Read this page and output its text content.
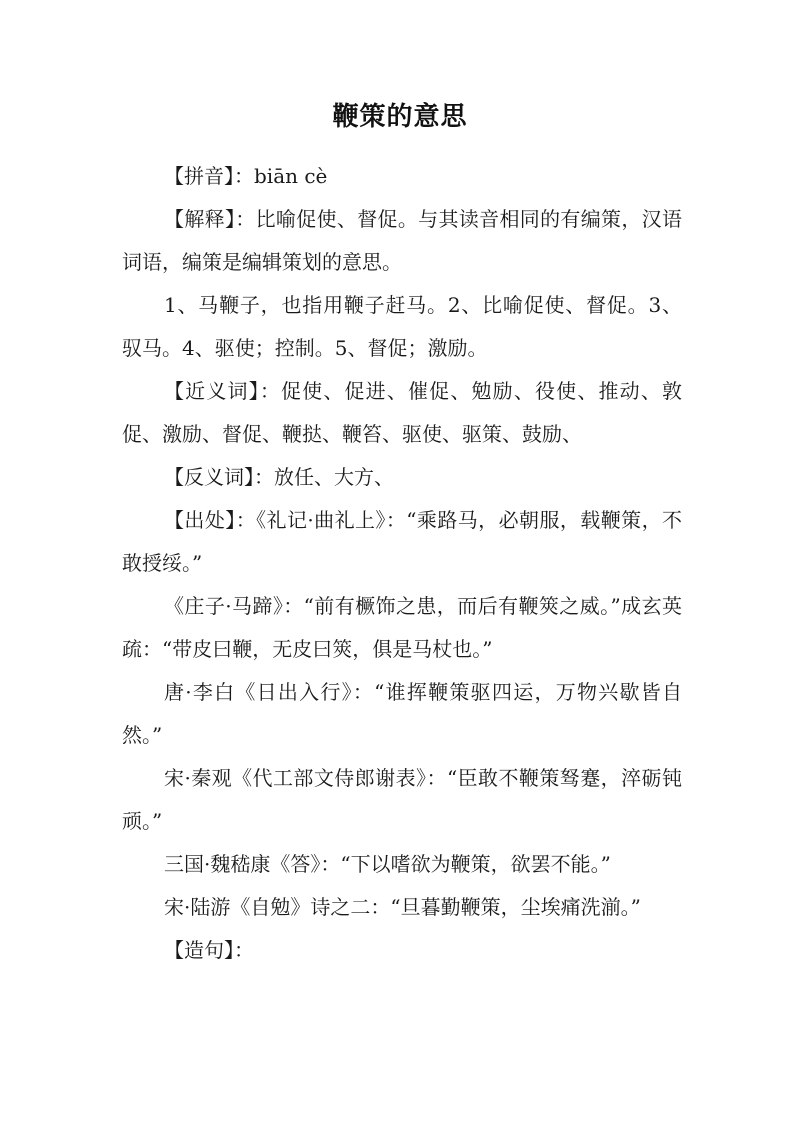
鞭策的意思

【拼音】：biān cè

【解释】：比喻促使、督促。与其读音相同的有编策，汉语词语，编策是编辑策划的意思。

1、马鞭子，也指用鞭子赶马。2、比喻促使、督促。3、驭马。4、驱使；控制。5、督促；激励。

【近义词】：促使、促进、催促、勉励、役使、推动、敦促、激励、督促、鞭挞、鞭笞、驱使、驱策、鼓励、

【反义词】：放任、大方、

【出处】：《礼记·曲礼上》：“乘路马，必朝服，载鞭策，不敢授绥。”

《庄子·马蹄》：“前有橛饰之患，而后有鞭筴之威。”成玄英疏：“带皮曰鞭，无皮曰筴，俱是马杖也。”

唐·李白《日出入行》：“谁挥鞭策驱四运，万物兴歇皆自然。”

宋·秦观《代工部文侍郎谢表》：“臣敢不鞭策驽蹇，淬砺钝顽。”

三国·魏嵇康《答》：“下以嗜欲为鞭策，欲罢不能。”

宋·陆游《自勉》诗之二：“旦暮勤鞭策，尘埃痛洗湔。”

【造句】：
